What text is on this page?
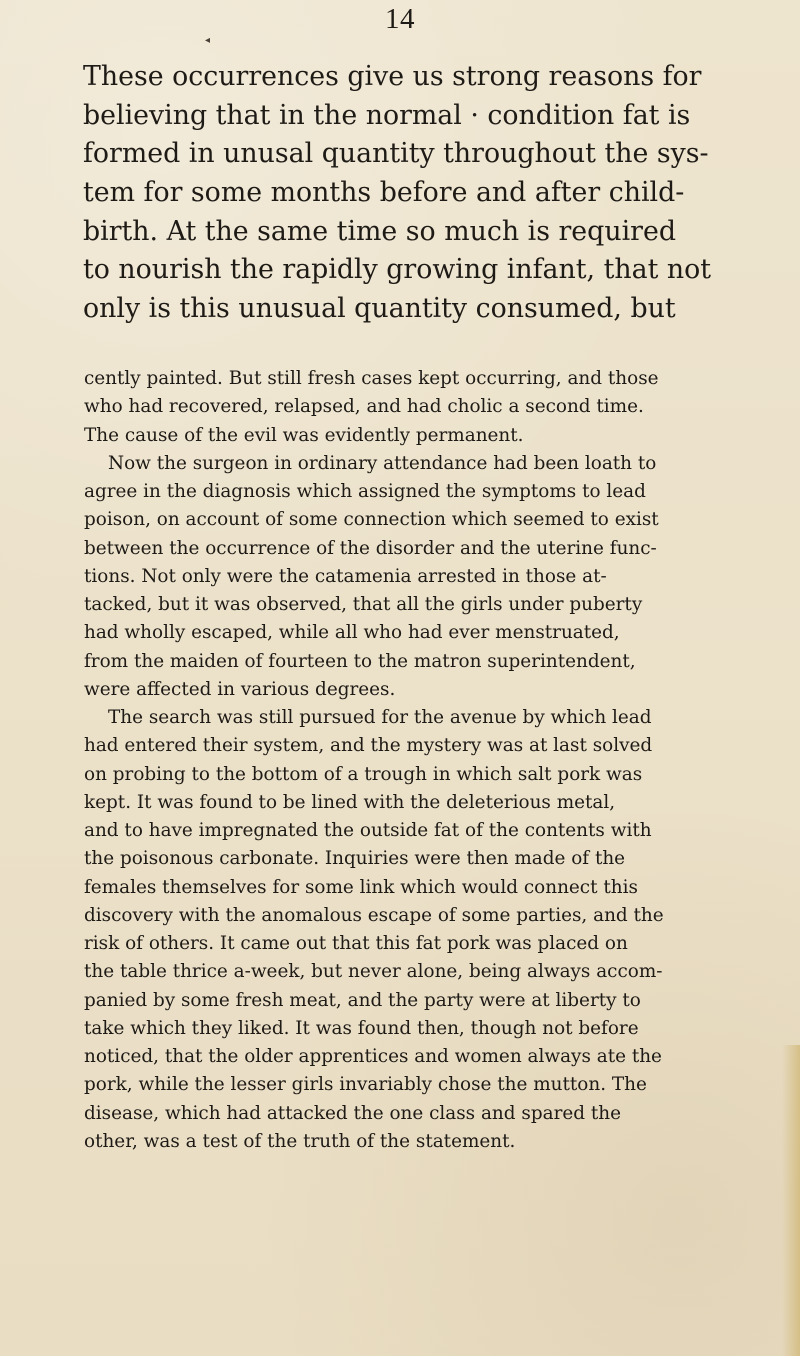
◂
14
These occurrences give us strong reasons for
believing that in the normal · condition fat is
formed in unusal quantity throughout the sys-
tem for some months before and after child-
birth. At the same time so much is required
to nourish the rapidly growing infant, that not
only is this unusual quantity consumed, but
cently painted. But still fresh cases kept occurring, and those
who had recovered, relapsed, and had cholic a second time.
The cause of the evil was evidently permanent.
Now the surgeon in ordinary attendance had been loath to
agree in the diagnosis which assigned the symptoms to lead
poison, on account of some connection which seemed to exist
between the occurrence of the disorder and the uterine func-
tions. Not only were the catamenia arrested in those at-
tacked, but it was observed, that all the girls under puberty
had wholly escaped, while all who had ever menstruated,
from the maiden of fourteen to the matron superintendent,
were affected in various degrees.
The search was still pursued for the avenue by which lead
had entered their system, and the mystery was at last solved
on probing to the bottom of a trough in which salt pork was
kept. It was found to be lined with the deleterious metal,
and to have impregnated the outside fat of the contents with
the poisonous carbonate. Inquiries were then made of the
females themselves for some link which would connect this
discovery with the anomalous escape of some parties, and the
risk of others. It came out that this fat pork was placed on
the table thrice a-week, but never alone, being always accom-
panied by some fresh meat, and the party were at liberty to
take which they liked. It was found then, though not before
noticed, that the older apprentices and women always ate the
pork, while the lesser girls invariably chose the mutton. The
disease, which had attacked the one class and spared the
other, was a test of the truth of the statement.
